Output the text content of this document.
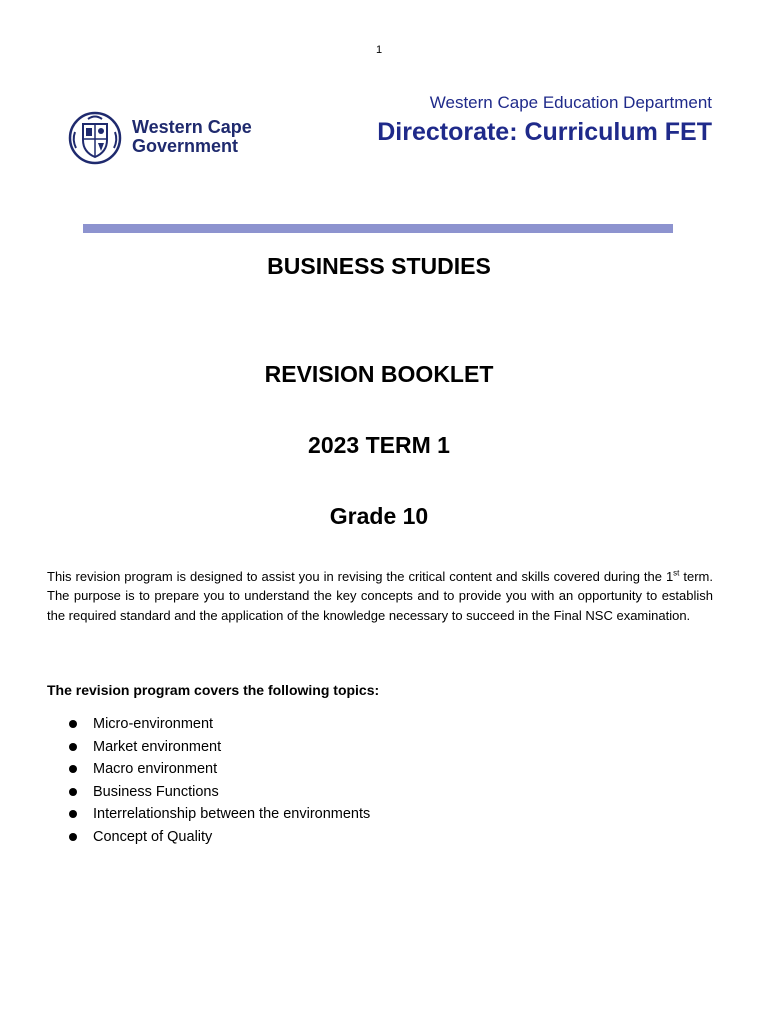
1
Western Cape
Government
Western Cape Education Department
Directorate: Curriculum FET
BUSINESS STUDIES
REVISION BOOKLET
2023 TERM 1
Grade 10
This revision program is designed to assist you in revising the critical content and skills covered during the 1st term. The purpose is to prepare you to understand the key concepts and to provide you with an opportunity to establish the required standard and the application of the knowledge necessary to succeed in the Final NSC examination.
The revision program covers the following topics:
Micro-environment
Market environment
Macro environment
Business Functions
Interrelationship between the environments
Concept of Quality
